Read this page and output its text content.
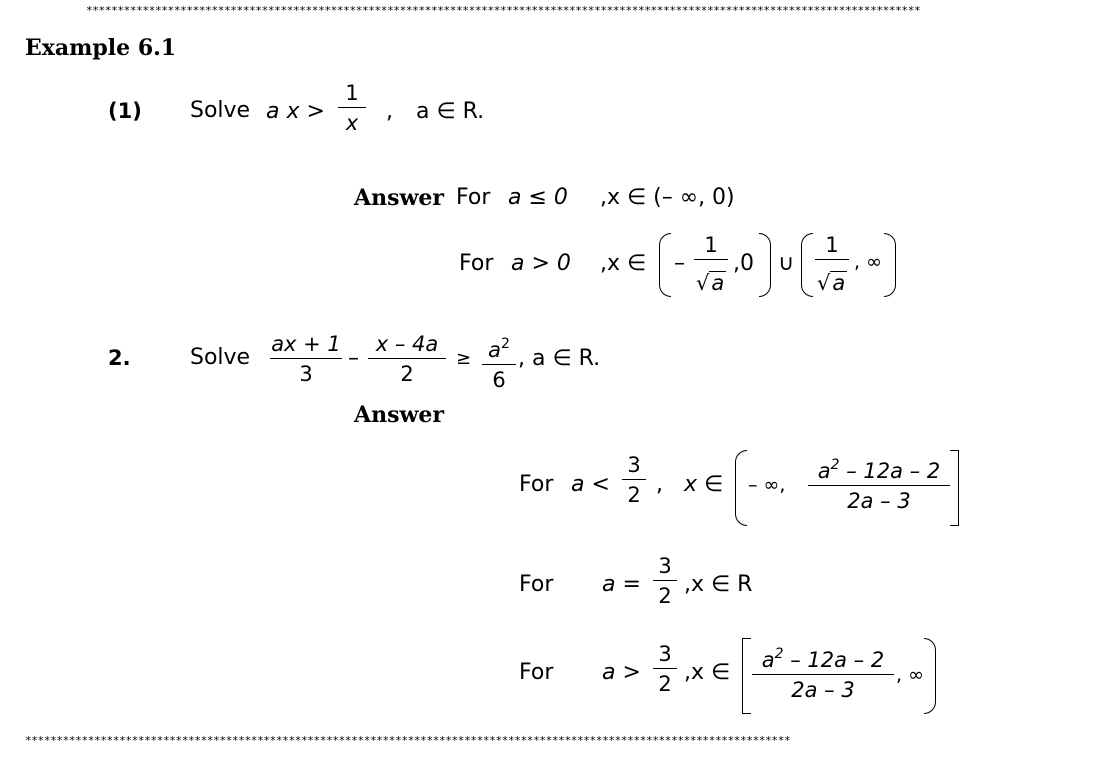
*************************************************************************************************************************************
Example 6.1
(1) Solve a x >
1
x	, a ∈ R.
Answer For a ≤ 0 ,x ∈ (– ∞, 0)
For a > 0 ,x ∈ –
1
√a
,0 ∪
1
√a
, ∞
2.	Solve
ax + 1
3
–
x – 4a
2
≥ $a^2$
6
, a ∈ R.
Answer
For a <
3
2 , x ∈ – ∞,
$a^2 - 12a - 2$
2a – 3
For a =
3
2 ,x ∈ R
For a >
3
2 ,x ∈	$a^2 - 12a - 2$
2a – 3
, ∞
**************************************************************************************************************************
